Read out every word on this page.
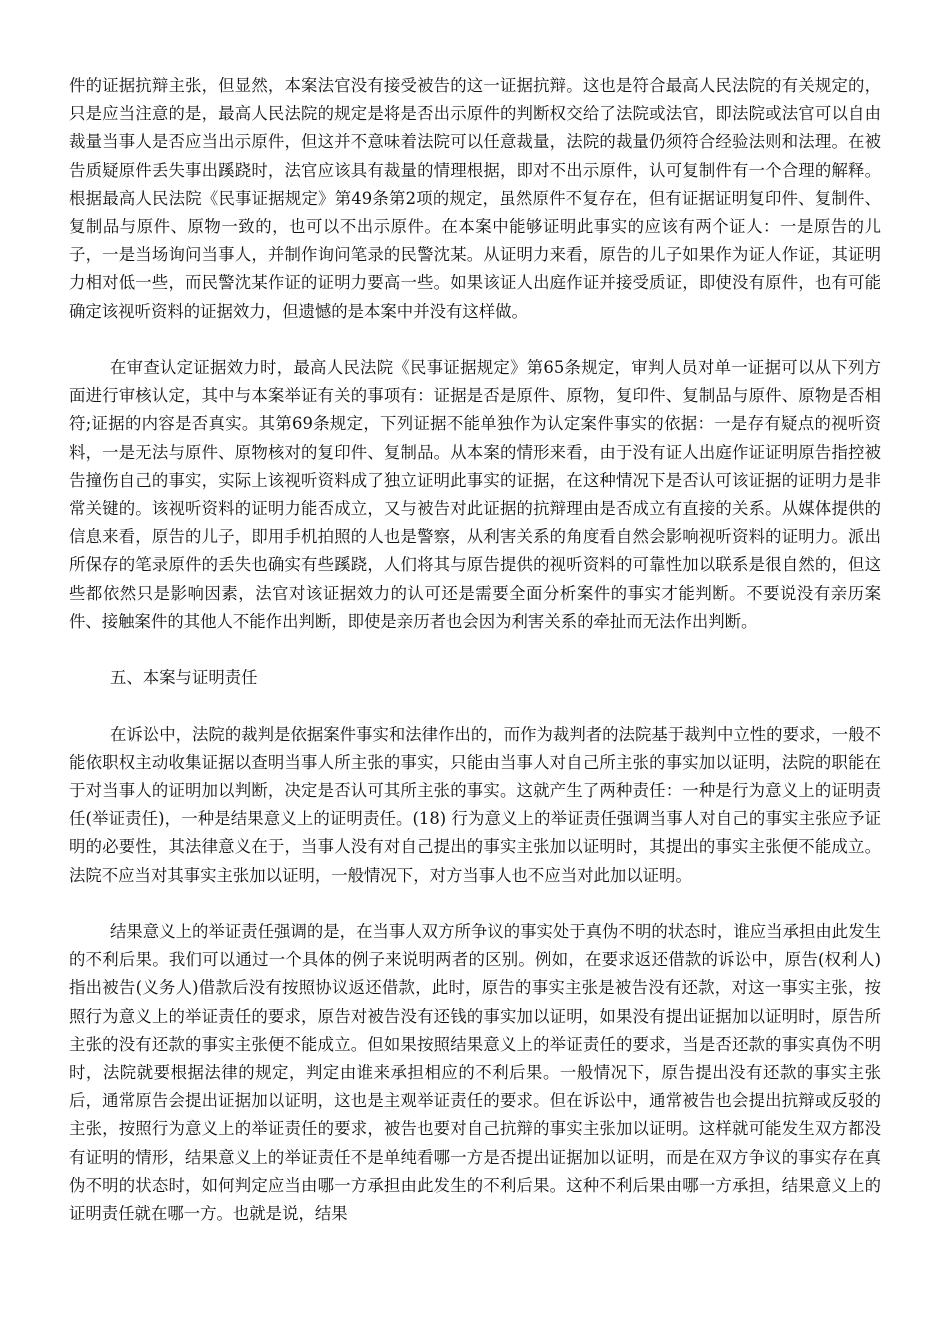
件的证据抗辩主张，但显然，本案法官没有接受被告的这一证据抗辩。这也是符合最高人民法院的有关规定的，只是应当注意的是，最高人民法院的规定是将是否出示原件的判断权交给了法院或法官，即法院或法官可以自由裁量当事人是否应当出示原件，但这并不意味着法院可以任意裁量，法院的裁量仍须符合经验法则和法理。在被告质疑原件丢失事出蹊跷时，法官应该具有裁量的情理根据，即对不出示原件，认可复制件有一个合理的解释。根据最高人民法院《民事证据规定》第49条第2项的规定，虽然原件不复存在，但有证据证明复印件、复制件、复制品与原件、原物一致的，也可以不出示原件。在本案中能够证明此事实的应该有两个证人：一是原告的儿子，一是当场询问当事人，并制作询问笔录的民警沈某。从证明力来看，原告的儿子如果作为证人作证，其证明力相对低一些，而民警沈某作证的证明力要高一些。如果该证人出庭作证并接受质证，即使没有原件，也有可能确定该视听资料的证据效力，但遗憾的是本案中并没有这样做。

在审查认定证据效力时，最高人民法院《民事证据规定》第65条规定，审判人员对单一证据可以从下列方面进行审核认定，其中与本案举证有关的事项有：证据是否是原件、原物，复印件、复制品与原件、原物是否相符;证据的内容是否真实。其第69条规定，下列证据不能单独作为认定案件事实的依据：一是存有疑点的视听资料，一是无法与原件、原物核对的复印件、复制品。从本案的情形来看，由于没有证人出庭作证证明原告指控被告撞伤自己的事实，实际上该视听资料成了独立证明此事实的证据，在这种情况下是否认可该证据的证明力是非常关键的。该视听资料的证明力能否成立，又与被告对此证据的抗辩理由是否成立有直接的关系。从媒体提供的信息来看，原告的儿子，即用手机拍照的人也是警察，从利害关系的角度看自然会影响视听资料的证明力。派出所保存的笔录原件的丢失也确实有些蹊跷，人们将其与原告提供的视听资料的可靠性加以联系是很自然的，但这些都依然只是影响因素，法官对该证据效力的认可还是需要全面分析案件的事实才能判断。不要说没有亲历案件、接触案件的其他人不能作出判断，即使是亲历者也会因为利害关系的牵扯而无法作出判断。

五、本案与证明责任

在诉讼中，法院的裁判是依据案件事实和法律作出的，而作为裁判者的法院基于裁判中立性的要求，一般不能依职权主动收集证据以查明当事人所主张的事实，只能由当事人对自己所主张的事实加以证明，法院的职能在于对当事人的证明加以判断，决定是否认可其所主张的事实。这就产生了两种责任：一种是行为意义上的证明责任(举证责任)，一种是结果意义上的证明责任。(18) 行为意义上的举证责任强调当事人对自己的事实主张应予证明的必要性，其法律意义在于，当事人没有对自己提出的事实主张加以证明时，其提出的事实主张便不能成立。法院不应当对其事实主张加以证明，一般情况下，对方当事人也不应当对此加以证明。

结果意义上的举证责任强调的是，在当事人双方所争议的事实处于真伪不明的状态时，谁应当承担由此发生的不利后果。我们可以通过一个具体的例子来说明两者的区别。例如，在要求返还借款的诉讼中，原告(权利人)指出被告(义务人)借款后没有按照协议返还借款，此时，原告的事实主张是被告没有还款，对这一事实主张，按照行为意义上的举证责任的要求，原告对被告没有还钱的事实加以证明，如果没有提出证据加以证明时，原告所主张的没有还款的事实主张便不能成立。但如果按照结果意义上的举证责任的要求，当是否还款的事实真伪不明时，法院就要根据法律的规定，判定由谁来承担相应的不利后果。一般情况下，原告提出没有还款的事实主张后，通常原告会提出证据加以证明，这也是主观举证责任的要求。但在诉讼中，通常被告也会提出抗辩或反驳的主张，按照行为意义上的举证责任的要求，被告也要对自己抗辩的事实主张加以证明。这样就可能发生双方都没有证明的情形，结果意义上的举证责任不是单纯看哪一方是否提出证据加以证明，而是在双方争议的事实存在真伪不明的状态时，如何判定应当由哪一方承担由此发生的不利后果。这种不利后果由哪一方承担，结果意义上的证明责任就在哪一方。也就是说，结果
